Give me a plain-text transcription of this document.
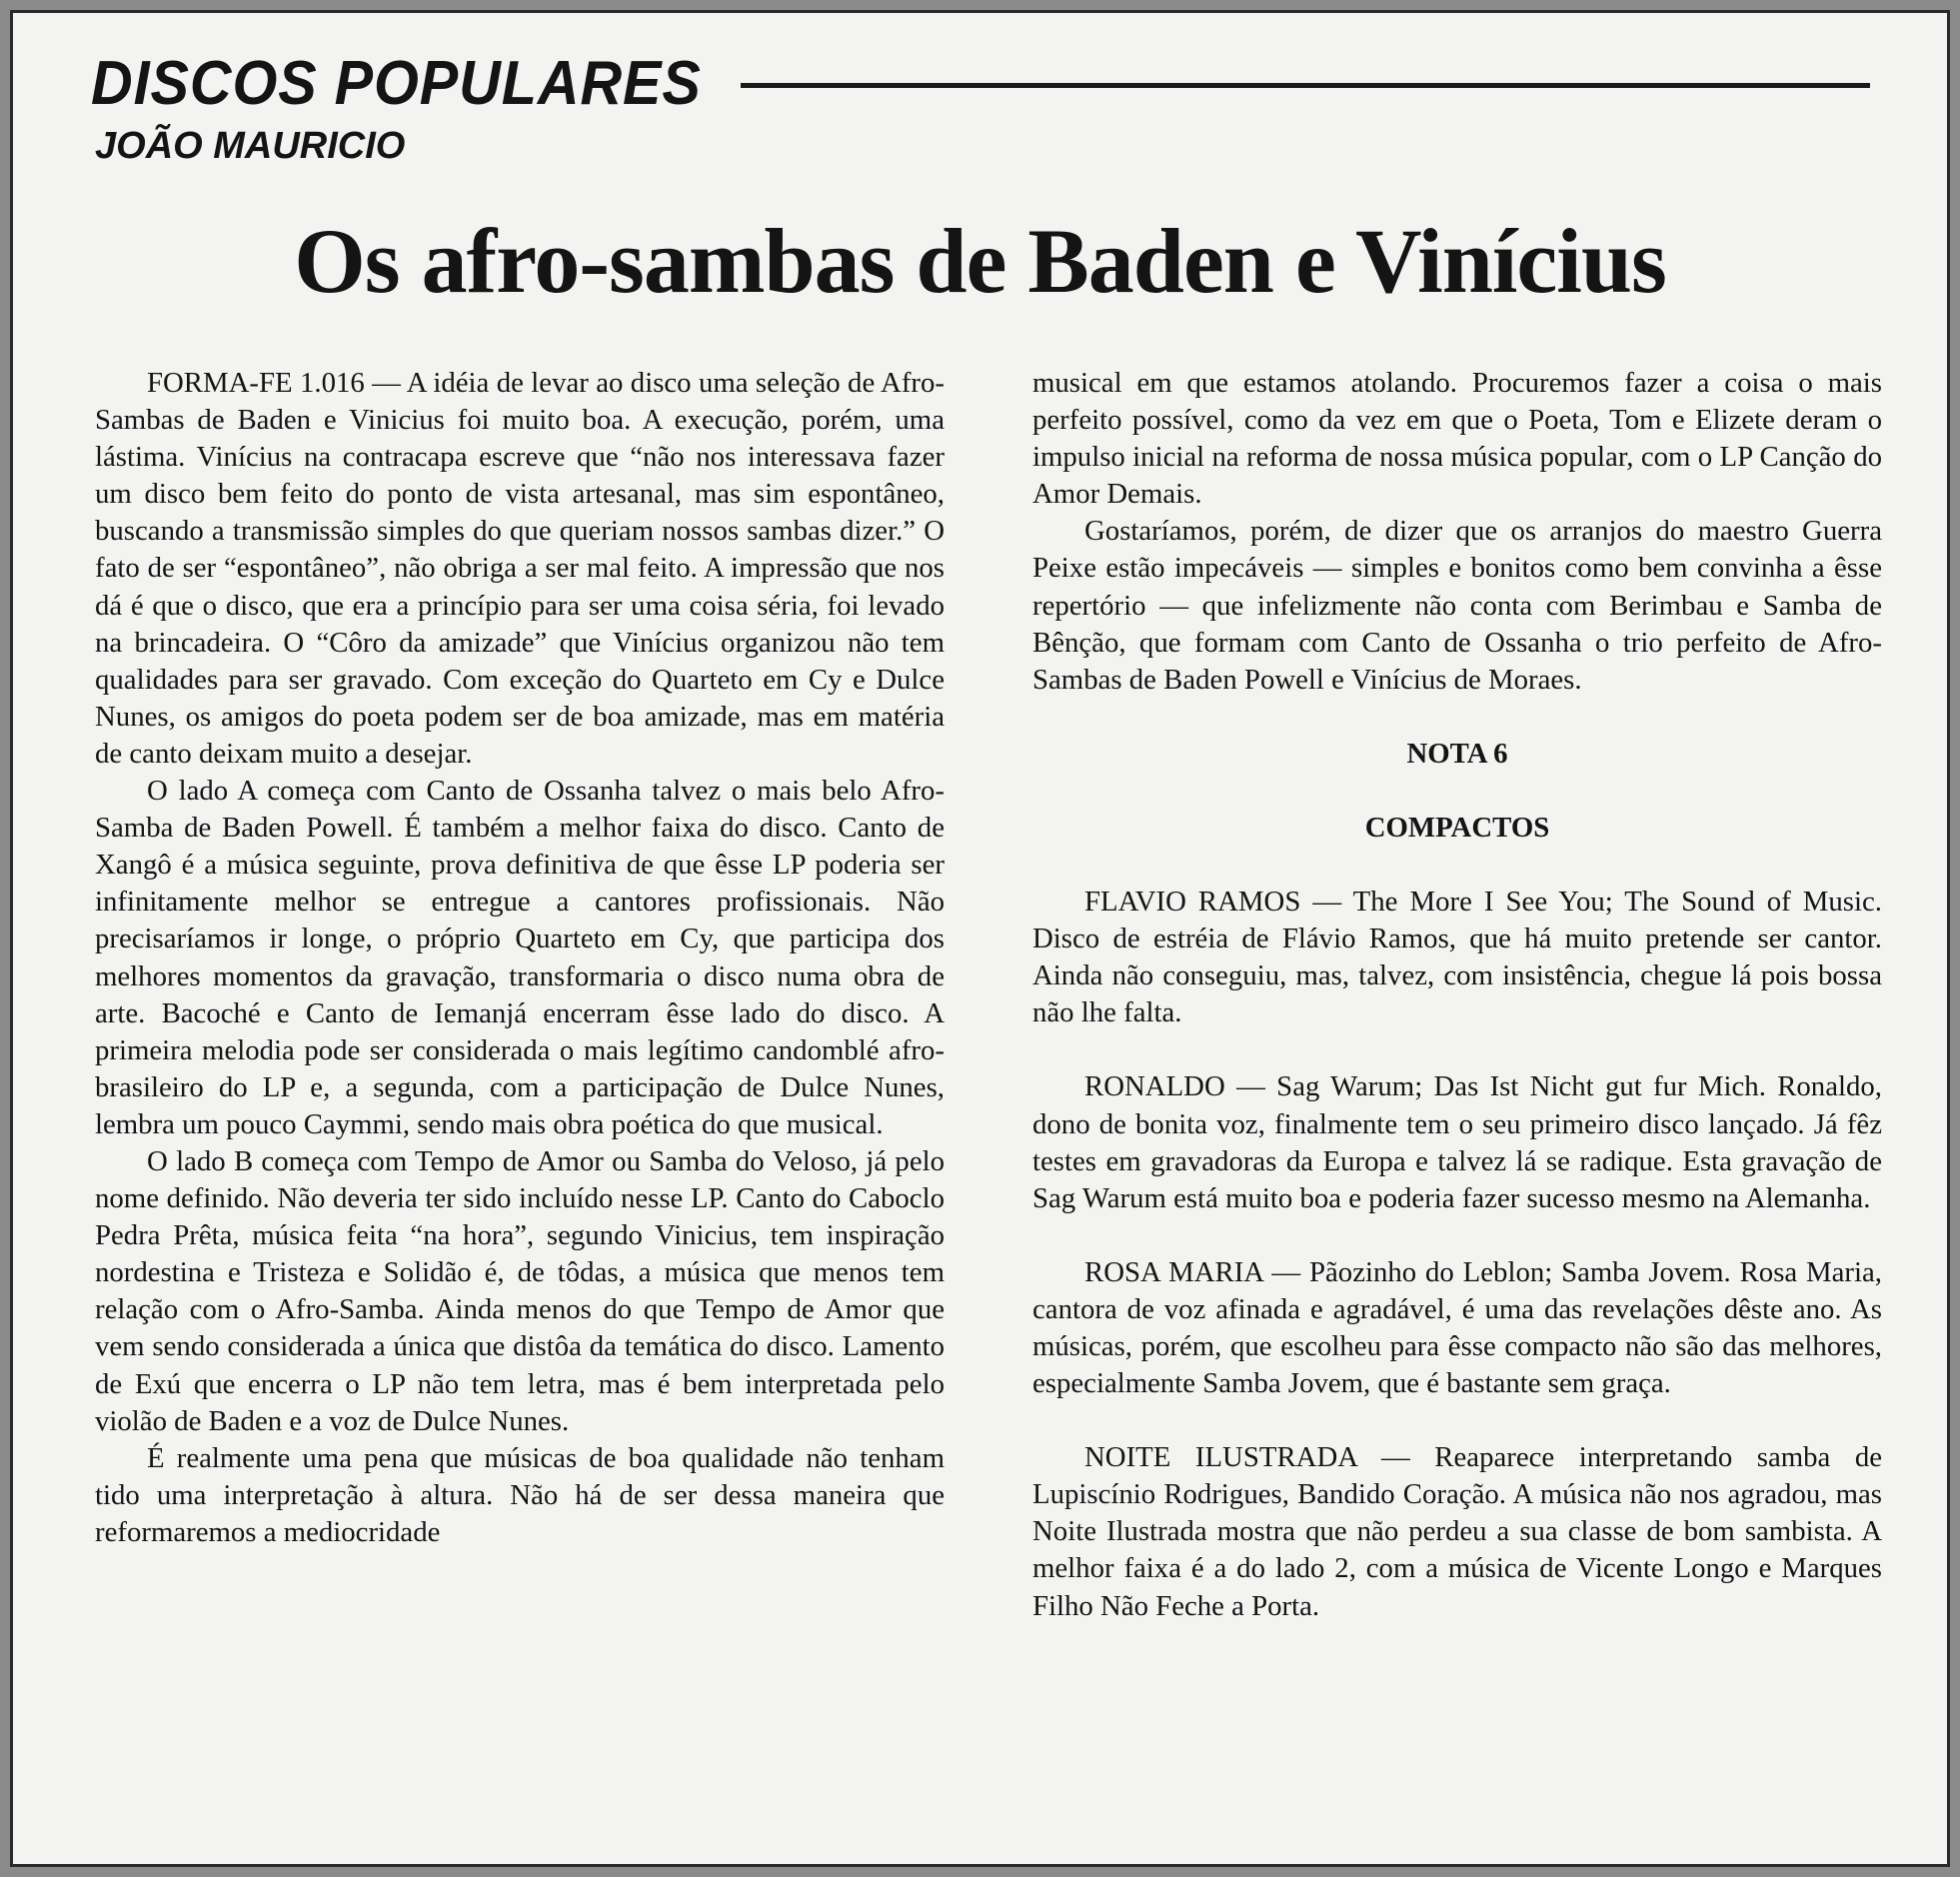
DISCOS POPULARES
JOÃO MAURICIO
Os afro-sambas de Baden e Vinícius

FORMA-FE 1.016 — A idéia de levar ao disco uma seleção de Afro-Sambas de Baden e Vinicius foi muito boa. A execução, porém, uma lástima. Vinícius na contracapa escreve que “não nos interessava fazer um disco bem feito do ponto de vista artesanal, mas sim espontâneo, buscando a transmissão simples do que queriam nossos sambas dizer.” O fato de ser “espontâneo”, não obriga a ser mal feito. A impressão que nos dá é que o disco, que era a princípio para ser uma coisa séria, foi levado na brincadeira. O “Côro da amizade” que Vinícius organizou não tem qualidades para ser gravado. Com exceção do Quarteto em Cy e Dulce Nunes, os amigos do poeta podem ser de boa amizade, mas em matéria de canto deixam muito a desejar.

O lado A começa com Canto de Ossanha talvez o mais belo Afro-Samba de Baden Powell. É também a melhor faixa do disco. Canto de Xangô é a música seguinte, prova definitiva de que êsse LP poderia ser infinitamente melhor se entregue a cantores profissionais. Não precisaríamos ir longe, o próprio Quarteto em Cy, que participa dos melhores momentos da gravação, transformaria o disco numa obra de arte. Bacoché e Canto de Iemanjá encerram êsse lado do disco. A primeira melodia pode ser considerada o mais legítimo candomblé afro-brasileiro do LP e, a segunda, com a participação de Dulce Nunes, lembra um pouco Caymmi, sendo mais obra poética do que musical.

O lado B começa com Tempo de Amor ou Samba do Veloso, já pelo nome definido. Não deveria ter sido incluído nesse LP. Canto do Caboclo Pedra Prêta, música feita “na hora”, segundo Vinicius, tem inspiração nordestina e Tristeza e Solidão é, de tôdas, a música que menos tem relação com o Afro-Samba. Ainda menos do que Tempo de Amor que vem sendo considerada a única que distôa da temática do disco. Lamento de Exú que encerra o LP não tem letra, mas é bem interpretada pelo violão de Baden e a voz de Dulce Nunes.

É realmente uma pena que músicas de boa qualidade não tenham tido uma interpretação à altura. Não há de ser dessa maneira que reformaremos a mediocridade

musical em que estamos atolando. Procuremos fazer a coisa o mais perfeito possível, como da vez em que o Poeta, Tom e Elizete deram o impulso inicial na reforma de nossa música popular, com o LP Canção do Amor Demais.

Gostaríamos, porém, de dizer que os arranjos do maestro Guerra Peixe estão impecáveis — simples e bonitos como bem convinha a êsse repertório — que infelizmente não conta com Berimbau e Samba de Bênção, que formam com Canto de Ossanha o trio perfeito de Afro-Sambas de Baden Powell e Vinícius de Moraes.

NOTA 6

COMPACTOS

FLAVIO RAMOS — The More I See You; The Sound of Music. Disco de estréia de Flávio Ramos, que há muito pretende ser cantor. Ainda não conseguiu, mas, talvez, com insistência, chegue lá pois bossa não lhe falta.

RONALDO — Sag Warum; Das Ist Nicht gut fur Mich. Ronaldo, dono de bonita voz, finalmente tem o seu primeiro disco lançado. Já fêz testes em gravadoras da Europa e talvez lá se radique. Esta gravação de Sag Warum está muito boa e poderia fazer sucesso mesmo na Alemanha.

ROSA MARIA — Pãozinho do Leblon; Samba Jovem. Rosa Maria, cantora de voz afinada e agradável, é uma das revelações dêste ano. As músicas, porém, que escolheu para êsse compacto não são das melhores, especialmente Samba Jovem, que é bastante sem graça.

NOITE ILUSTRADA — Reaparece interpretando samba de Lupiscínio Rodrigues, Bandido Coração. A música não nos agradou, mas Noite Ilustrada mostra que não perdeu a sua classe de bom sambista. A melhor faixa é a do lado 2, com a música de Vicente Longo e Marques Filho Não Feche a Porta.
